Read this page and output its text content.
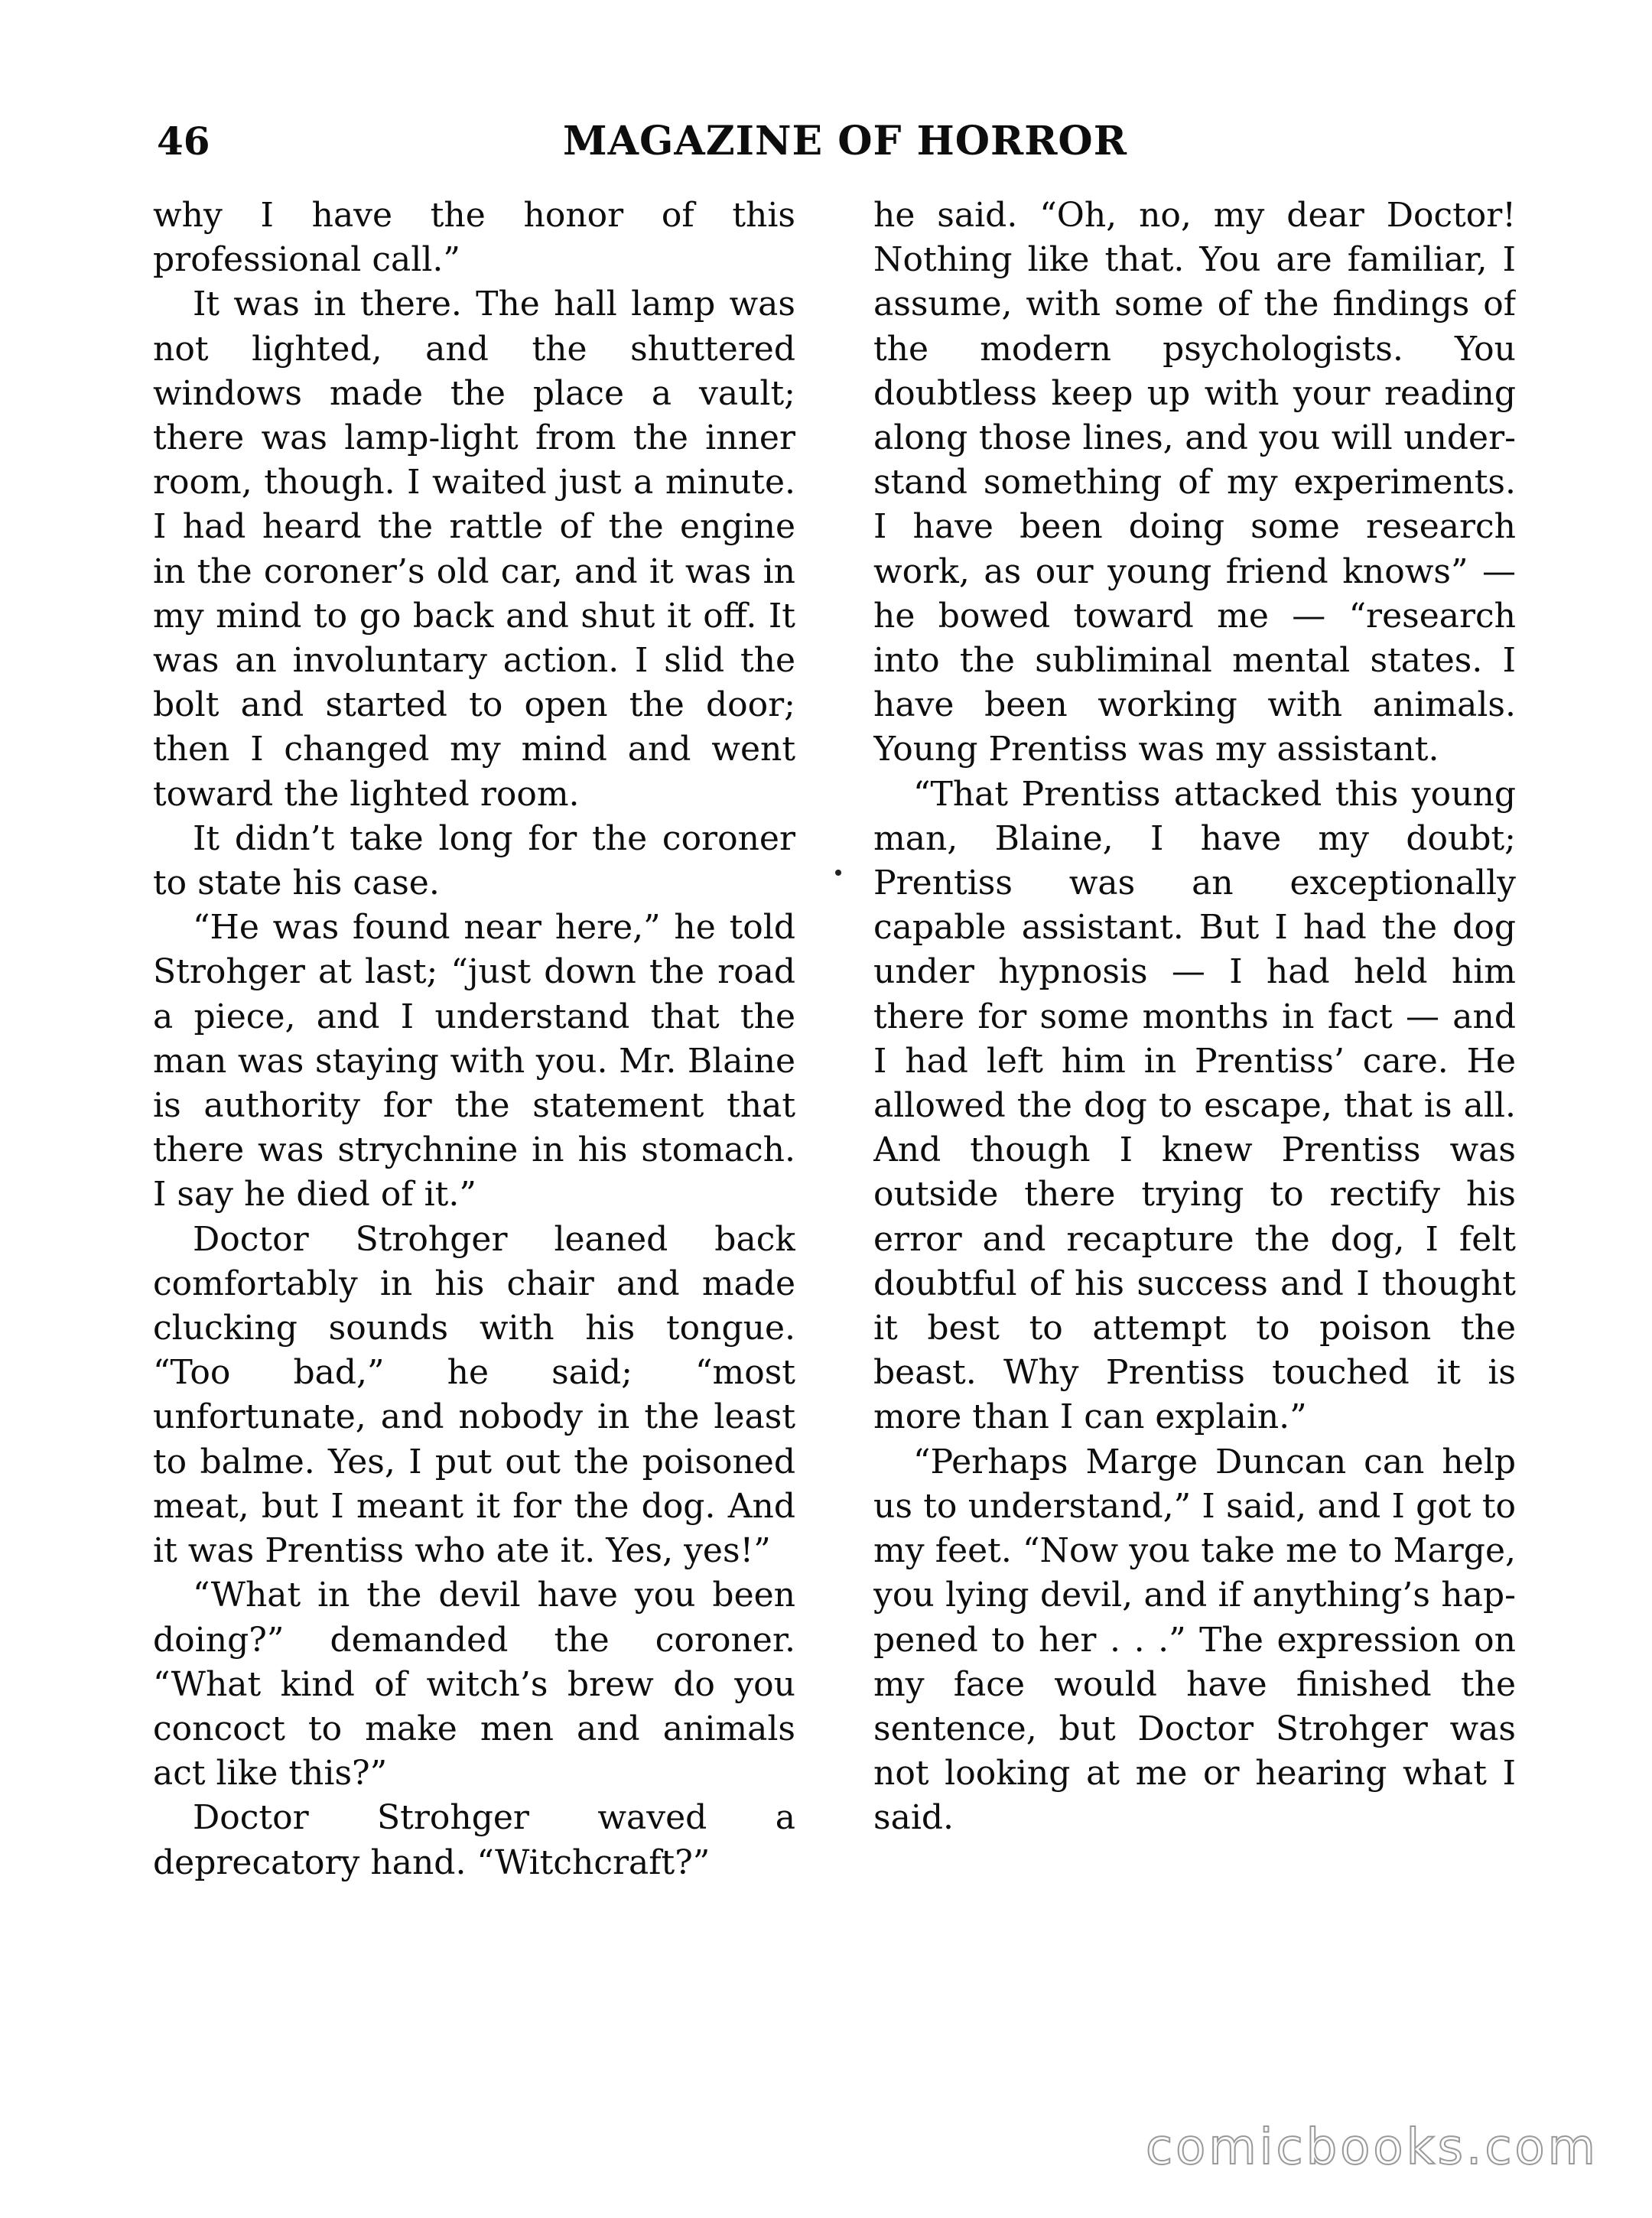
46	MAGAZINE OF HORROR

why I have the honor of this professional call.”

It was in there. The hall lamp was not lighted, and the shuttered windows made the place a vault; there was lamp-light from the inner room, though. I waited just a minute. I had heard the rattle of the engine in the coroner’s old car, and it was in my mind to go back and shut it off. It was an involuntary action. I slid the bolt and started to open the door; then I changed my mind and went toward the lighted room.

It didn’t take long for the coroner to state his case.

“He was found near here,” he told Strohger at last; “just down the road a piece, and I understand that the man was staying with you. Mr. Blaine is authority for the statement that there was strychnine in his stomach. I say he died of it.”

Doctor Strohger leaned back comfortably in his chair and made clucking sounds with his tongue. “Too bad,” he said; “most unfortunate, and nobody in the least to balme. Yes, I put out the poisoned meat, but I meant it for the dog. And it was Prentiss who ate it. Yes, yes!”

“What in the devil have you been doing?” demanded the coroner. “What kind of witch’s brew do you concoct to make men and animals act like this?”

Doctor Strohger waved a deprecatory hand. “Witchcraft?”

he said. “Oh, no, my dear Doctor! Nothing like that. You are familiar, I assume, with some of the findings of the modern psychologists. You doubtless keep up with your reading along those lines, and you will understand something of my experiments. I have been doing some research work, as our young friend knows” — he bowed toward me — “research into the subliminal mental states. I have been working with animals. Young Prentiss was my assistant.

“That Prentiss attacked this young man, Blaine, I have my doubt; Prentiss was an exceptionally capable assistant. But I had the dog under hypnosis — I had held him there for some months in fact — and I had left him in Prentiss’ care. He allowed the dog to escape, that is all. And though I knew Prentiss was outside there trying to rectify his error and recapture the dog, I felt doubtful of his success and I thought it best to attempt to poison the beast. Why Prentiss touched it is more than I can explain.”

“Perhaps Marge Duncan can help us to understand,” I said, and I got to my feet. “Now you take me to Marge, you lying devil, and if anything’s happened to her . . .” The expression on my face would have finished the sentence, but Doctor Strohger was not looking at me or hearing what I said.

comicbooks.com
